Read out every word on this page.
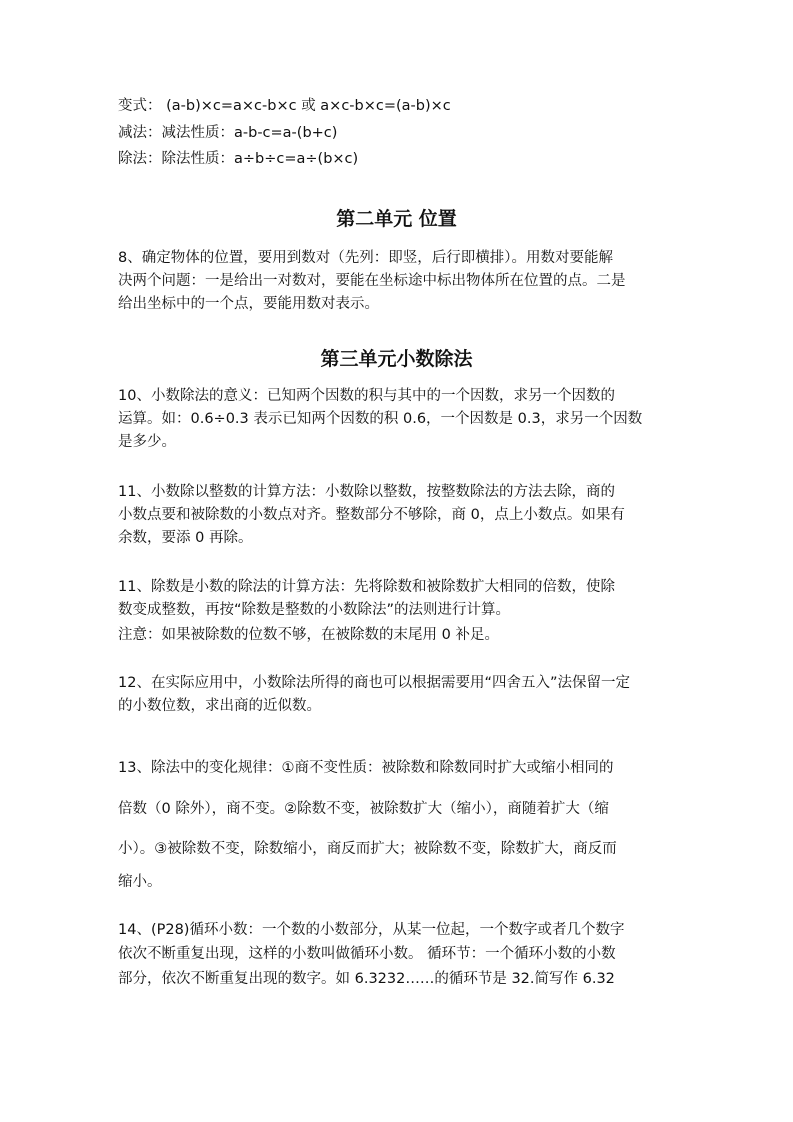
变式： (a-b)×c=a×c-b×c 或 a×c-b×c=(a-b)×c
减法：减法性质：a-b-c=a-(b+c)
除法：除法性质：a÷b÷c=a÷(b×c)
第二单元 位置
8、确定物体的位置，要用到数对（先列：即竖，后行即横排）。用数对要能解
决两个问题：一是给出一对数对，要能在坐标途中标出物体所在位置的点。二是
给出坐标中的一个点，要能用数对表示。
第三单元小数除法
10、小数除法的意义：已知两个因数的积与其中的一个因数，求另一个因数的
运算。如：0.6÷0.3 表示已知两个因数的积 0.6，一个因数是 0.3，求另一个因数
是多少。
11、小数除以整数的计算方法：小数除以整数，按整数除法的方法去除，商的
小数点要和被除数的小数点对齐。整数部分不够除，商 0，点上小数点。如果有
余数，要添 0 再除。
11、除数是小数的除法的计算方法：先将除数和被除数扩大相同的倍数，使除
数变成整数，再按“除数是整数的小数除法”的法则进行计算。
注意：如果被除数的位数不够，在被除数的末尾用 0 补足。
12、在实际应用中，小数除法所得的商也可以根据需要用“四舍五入”法保留一定
的小数位数，求出商的近似数。
13、除法中的变化规律：①商不变性质：被除数和除数同时扩大或缩小相同的
倍数（0 除外），商不变。②除数不变，被除数扩大（缩小），商随着扩大（缩
小）。③被除数不变，除数缩小，商反而扩大；被除数不变，除数扩大，商反而
缩小。
14、(P28)循环小数：一个数的小数部分，从某一位起，一个数字或者几个数字
依次不断重复出现，这样的小数叫做循环小数。 循环节：一个循环小数的小数
部分，依次不断重复出现的数字。如 6.3232……的循环节是 32.简写作 6.32
